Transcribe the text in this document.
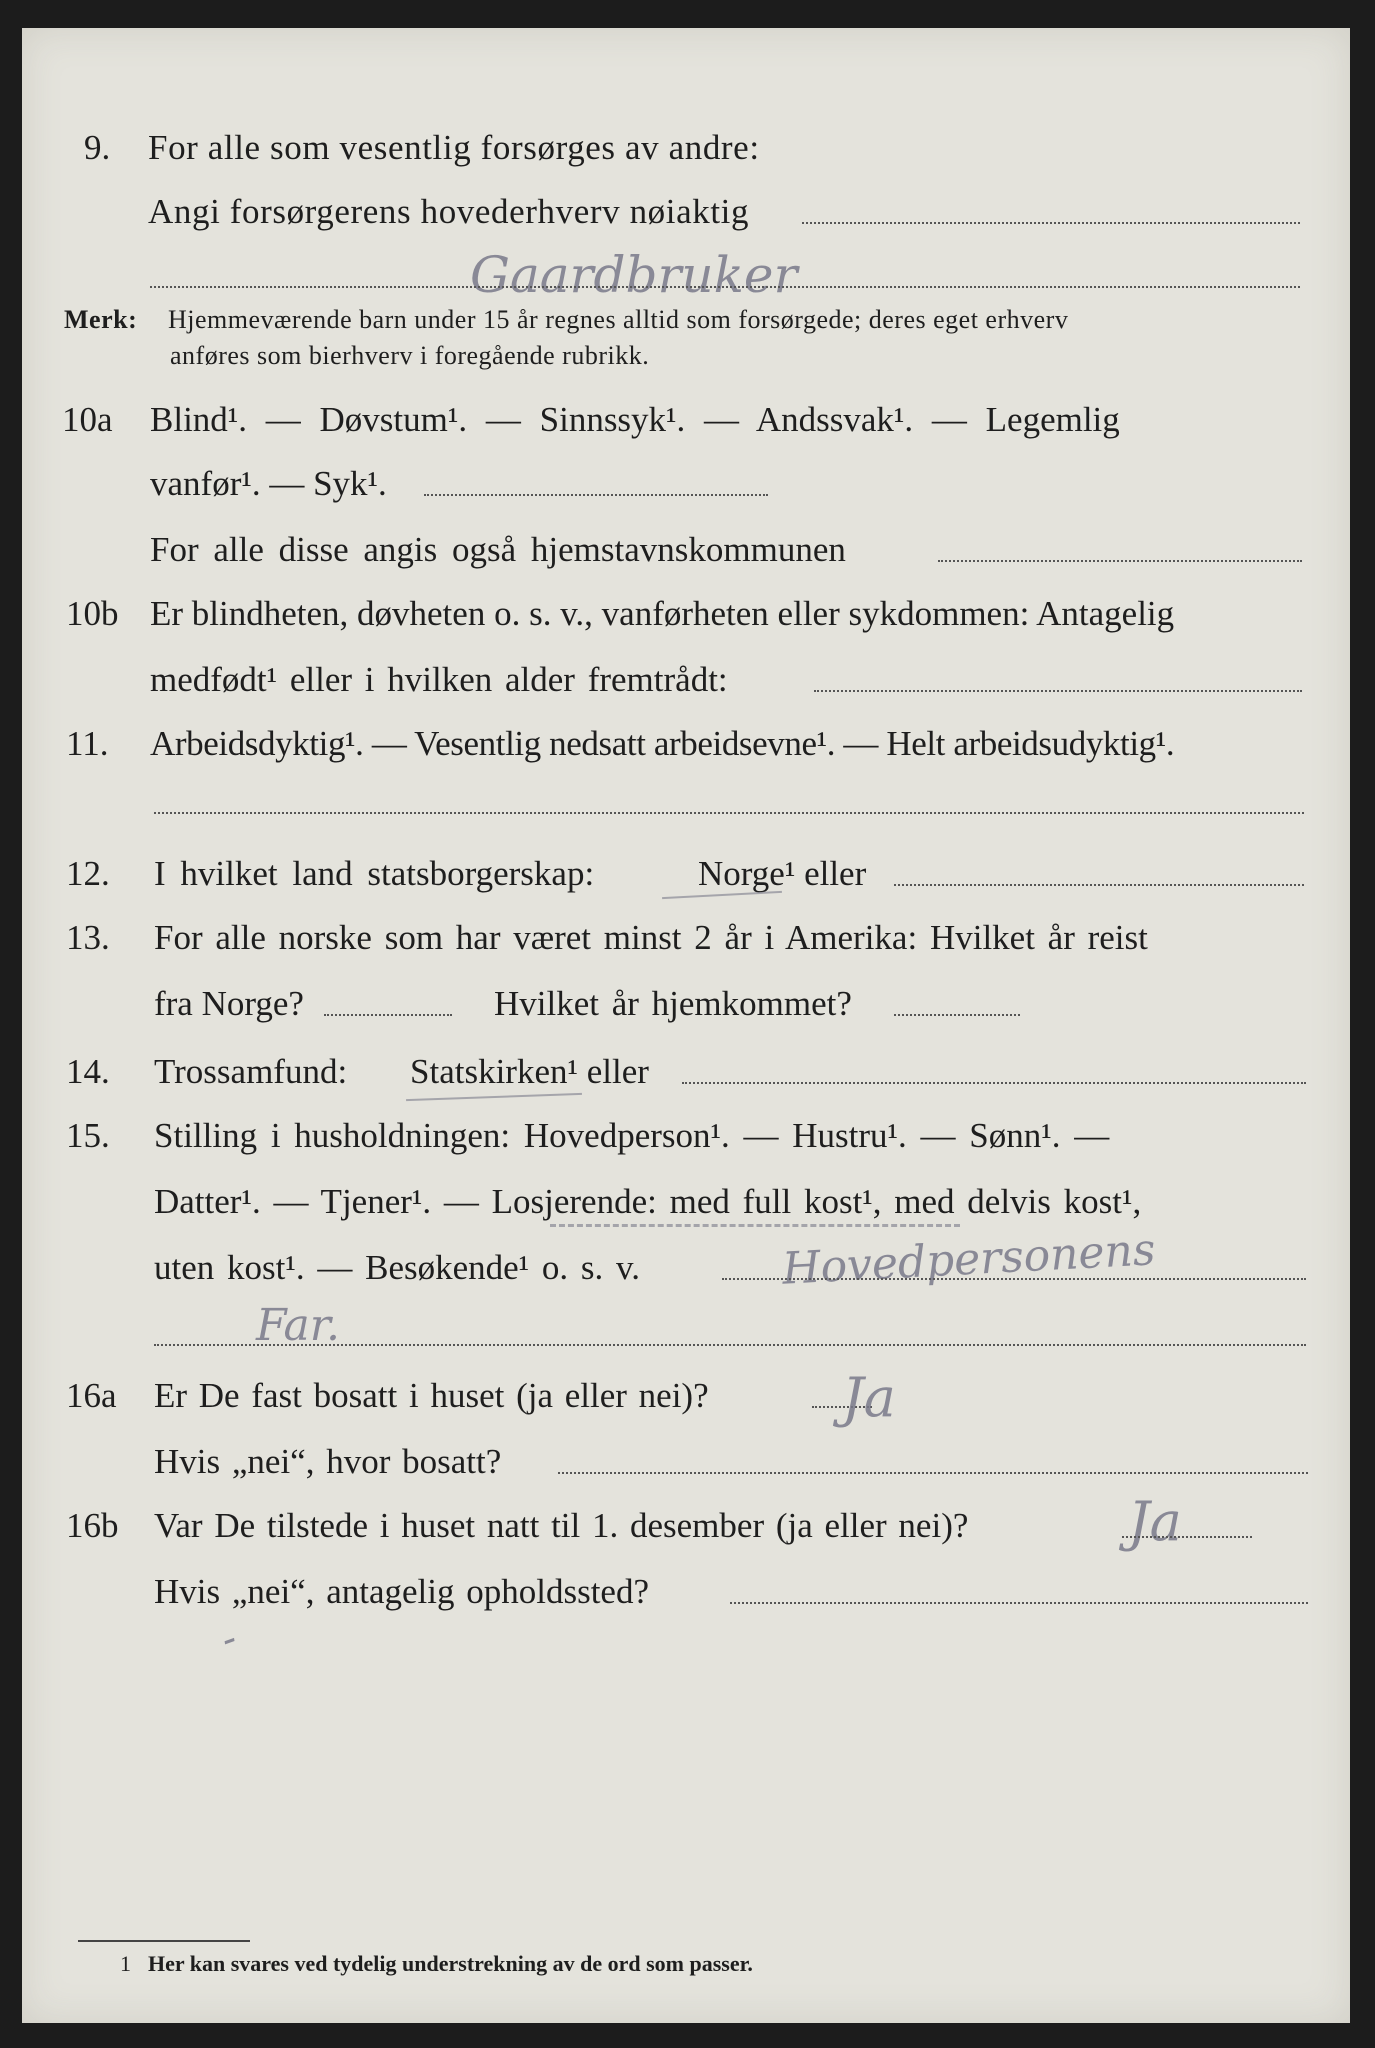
9. For alle som vesentlig forsørges av andre:
Angi forsørgerens hovederhverv nøiaktig
Gaardbruker
Merk: Hjemmeværende barn under 15 år regnes alltid som forsørgede; deres eget erhverv
anføres som bierhverv i foregående rubrikk.
10a Blind¹. — Døvstum¹. — Sinnssyk¹. — Andssvak¹. — Legemlig
vanfør¹. — Syk¹.
For alle disse angis også hjemstavnskommunen
10b Er blindheten, døvheten o. s. v., vanførheten eller sykdommen: Antagelig
medfødt¹ eller i hvilken alder fremtrådt:
11. Arbeidsdyktig¹. — Vesentlig nedsatt arbeidsevne¹. — Helt arbeidsudyktig¹.
12. I hvilket land statsborgerskap:	Norge¹ eller
13. For alle norske som har været minst 2 år i Amerika: Hvilket år reist
fra Norge?	Hvilket år hjemkommet?
14. Trossamfund: Statskirken¹ eller
15. Stilling i husholdningen: Hovedperson¹. — Hustru¹. — Sønn¹. —
Datter¹. — Tjener¹. — Losjerende: med full kost¹, med delvis kost¹,
uten kost¹. — Besøkende¹ o. s. v.	Hovedpersonens
Far.
16a Er De fast bosatt i huset (ja eller nei)? Ja
Hvis „nei“, hvor bosatt?
16b Var De tilstede i huset natt til 1. desember (ja eller nei)?	Ja
Hvis „nei“, antagelig opholdssted?
-
1 Her kan svares ved tydelig understrekning av de ord som passer.
